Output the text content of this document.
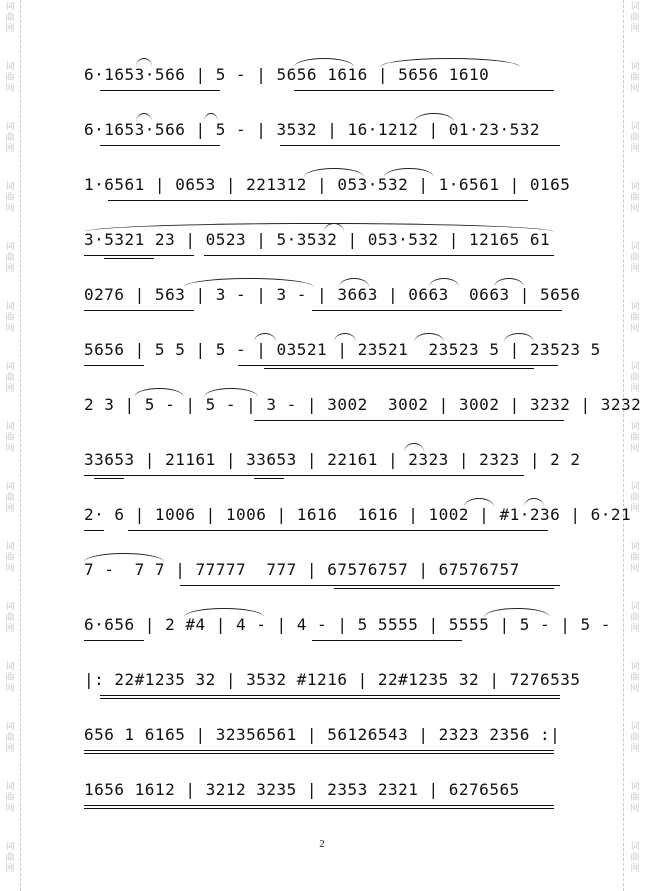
词
曲
网
词
曲
网
词
曲
网
词
曲
网
词
曲
网
词
曲
网
词
曲
网
词
曲
网
词
曲
网
词
曲
网
词
曲
网
词
曲
网
词
曲
网
词
曲
网
词
曲
网
词
曲
网
词
曲
网
词
曲
网
词
曲
网
词
曲
网
词
曲
网
词
曲
网
词
曲
网
词
曲
网
词
曲
网
词
曲
网
词
曲
网
词
曲
网
词
曲
网
词
曲
网
6·1653·566 | 5 - | 5656 1616 | 5656 1610
6·1653·566 | 5 - | 3532 | 16·1212 | 01·23·532
1·6561 | 0653 | 221312 | 053·532 | 1·6561 | 0165
3·5321 23 | 0523 | 5·3532 | 053·532 | 12165 61
0276 | 563 | 3 - | 3 - | 3663 | 0663  0663 | 5656
5656 | 5 5 | 5 - | 03521 | 23521  23523 5 | 23523 5
2 3 | 5 - | 5 - | 3 - | 3002  3002 | 3002 | 3232 | 3232
33653 | 21161 | 33653 | 22161 | 2323 | 2323 | 2 2
2· 6 | 1006 | 1006 | 1616  1616 | 1002 | #1·236 | 6·21
7 -  7 7 | 77777  777 | 67576757 | 67576757
6·656 | 2 #4 | 4 - | 4 - | 5 5555 | 5555 | 5 - | 5 -
|: 22#1235 32 | 3532 #1216 | 22#1235 32 | 7276535
656 1 6165 | 32356561 | 56126543 | 2323 2356 :|
1656 1612 | 3212 3235 | 2353 2321 | 6276565
2
